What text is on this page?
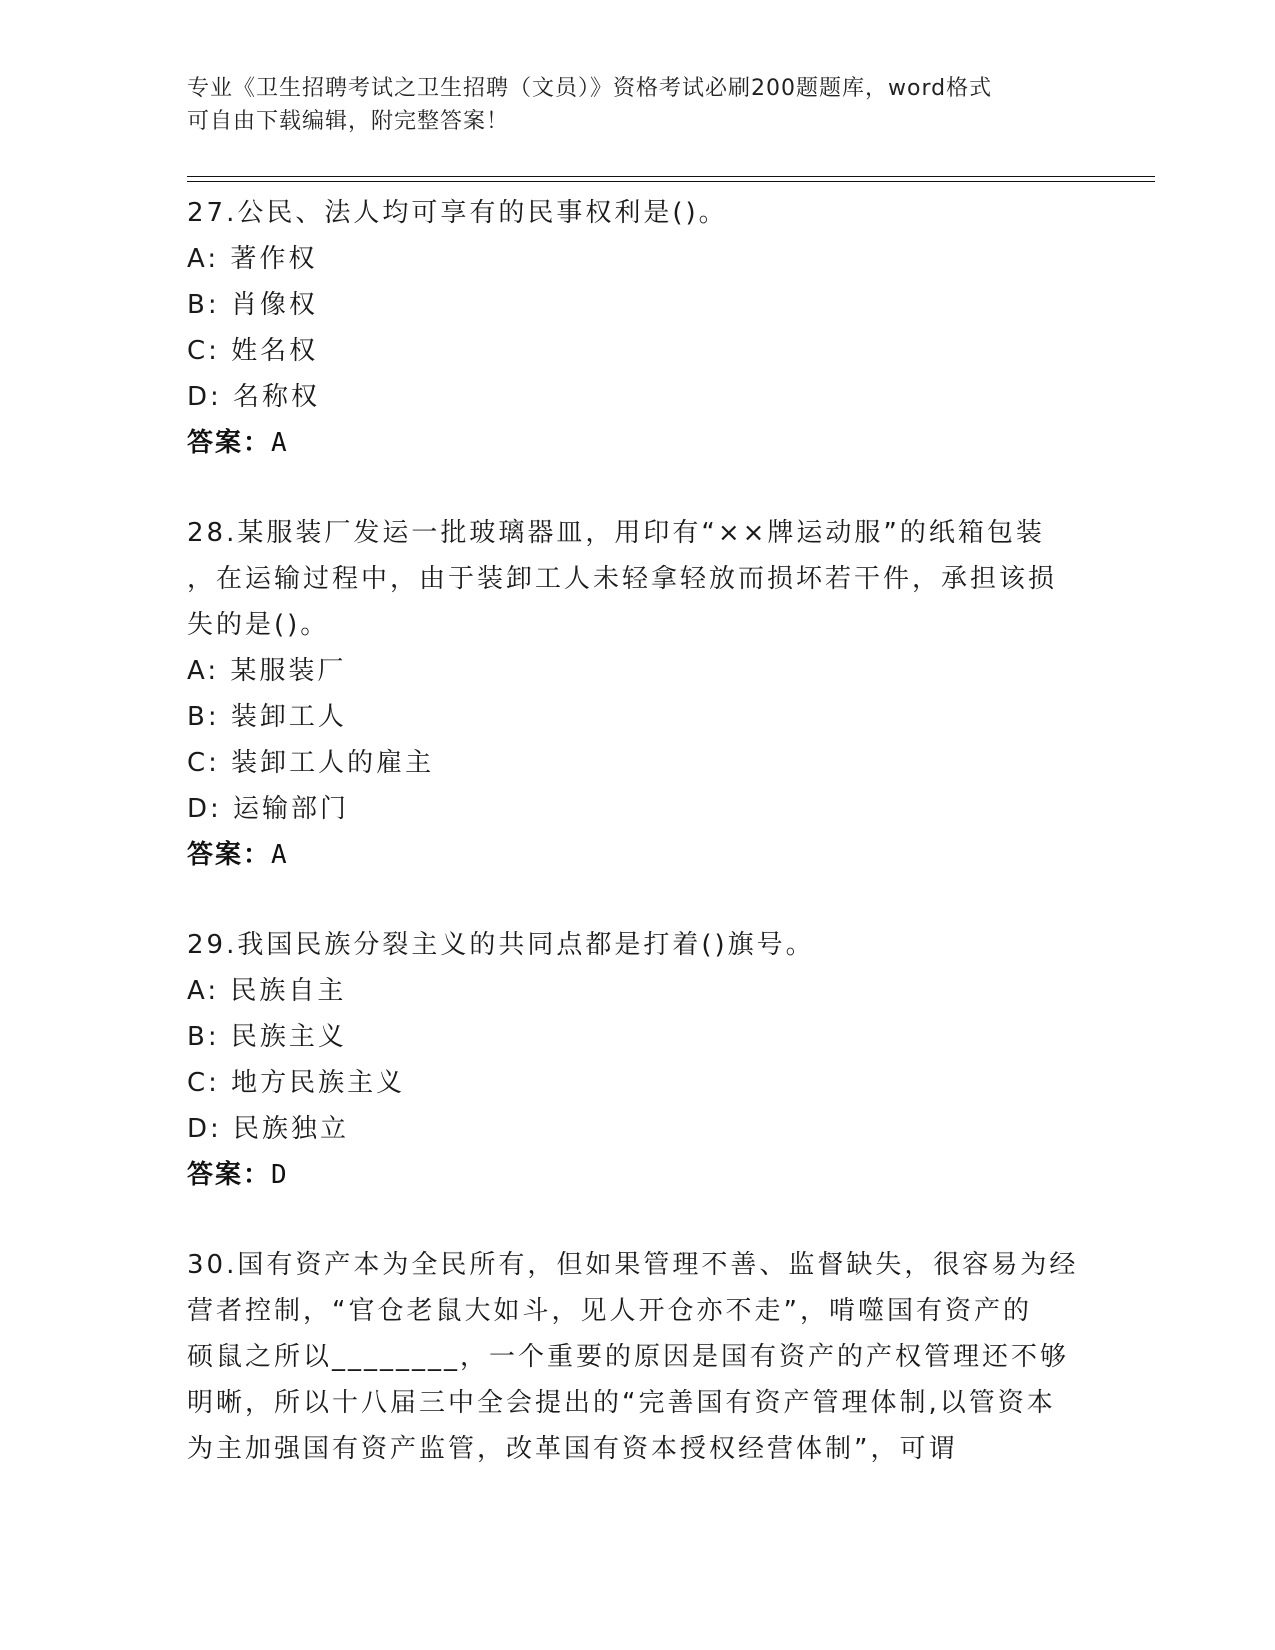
专业《卫生招聘考试之卫生招聘（文员）》资格考试必刷200题题库，word格式
可自由下载编辑，附完整答案！
27.公民、法人均可享有的民事权利是()。
A: 著作权
B: 肖像权
C: 姓名权
D: 名称权
答案：A
28.某服装厂发运一批玻璃器皿，用印有“××牌运动服”的纸箱包装
，在运输过程中，由于装卸工人未轻拿轻放而损坏若干件，承担该损
失的是()。
A: 某服装厂
B: 装卸工人
C: 装卸工人的雇主
D: 运输部门
答案：A
29.我国民族分裂主义的共同点都是打着()旗号。
A: 民族自主
B: 民族主义
C: 地方民族主义
D: 民族独立
答案：D
30.国有资产本为全民所有，但如果管理不善、监督缺失，很容易为经
营者控制，“官仓老鼠大如斗，见人开仓亦不走”，啃噬国有资产的
硕鼠之所以________，一个重要的原因是国有资产的产权管理还不够
明晰，所以十八届三中全会提出的“完善国有资产管理体制,以管资本
为主加强国有资产监管，改革国有资本授权经营体制”，可谓
